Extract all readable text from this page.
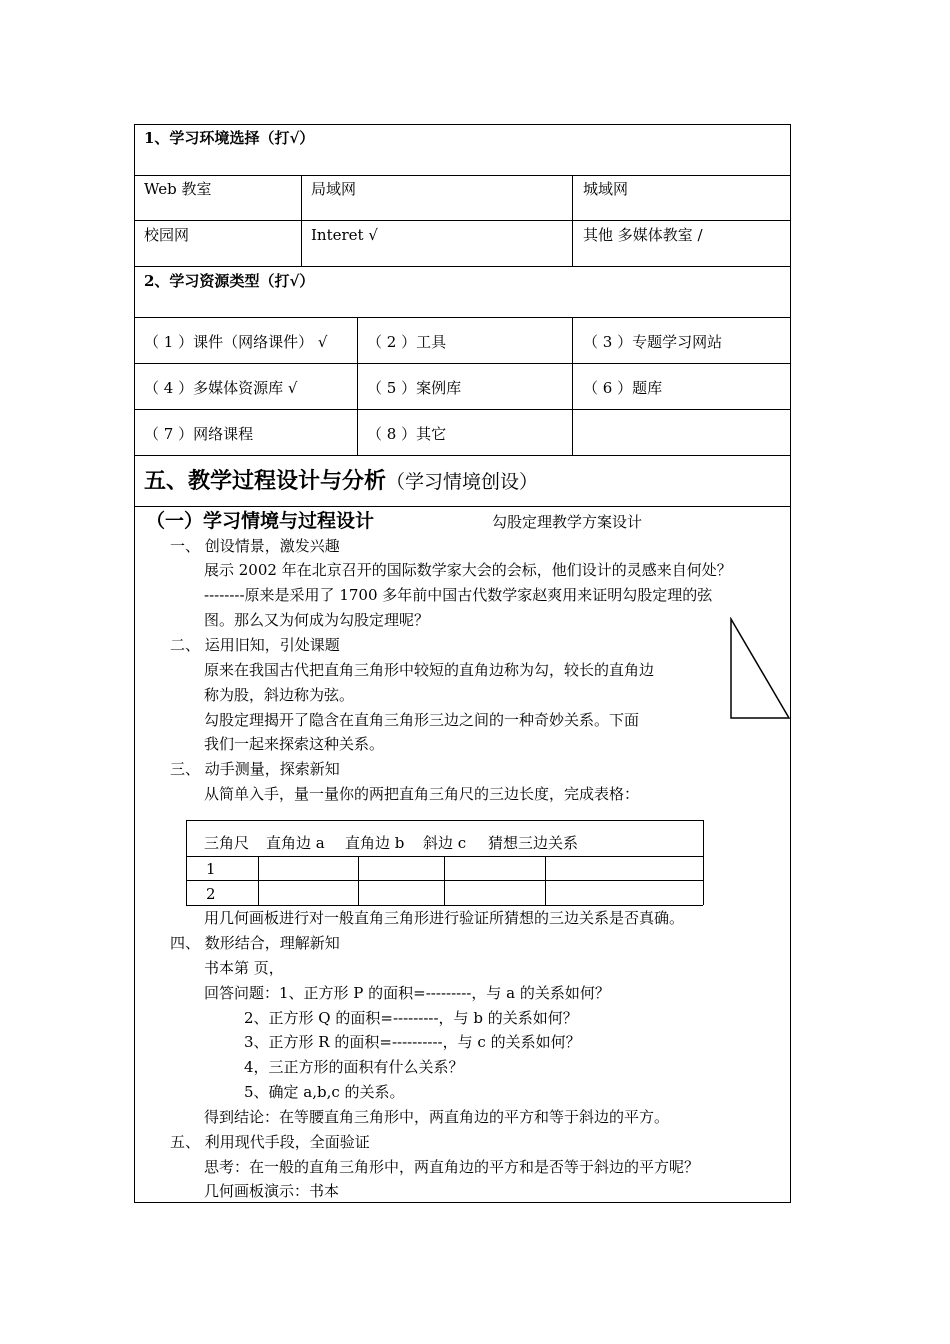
1、学习环境选择（打√）
Web 教室	局域网	城域网
校园网	Interet √	其他 多媒体教室 /
2、学习资源类型（打√）
（ 1 ）课件（网络课件） √	（ 2 ）工具	（ 3 ）专题学习网站
（ 4 ）多媒体资源库 √	（ 5 ）案例库	（ 6 ）题库
（ 7 ）网络课程	（ 8 ）其它
五、教学过程设计与分析（学习情境创设）
（一）学习情境与过程设计	勾股定理教学方案设计
一、 创设情景，激发兴趣
展示 2002 年在北京召开的国际数学家大会的会标，他们设计的灵感来自何处？
--------原来是采用了 1700 多年前中国古代数学家赵爽用来证明勾股定理的弦
图。那么又为何成为勾股定理呢？
二、 运用旧知，引处课题
原来在我国古代把直角三角形中较短的直角边称为勾，较长的直角边
称为股，斜边称为弦。
勾股定理揭开了隐含在直角三角形三边之间的一种奇妙关系。下面
我们一起来探索这种关系。
三、 动手测量，探索新知
从简单入手，量一量你的两把直角三角尺的三边长度，完成表格：
三角尺 直角边 a 直角边 b 斜边 c 猜想三边关系
1
2
用几何画板进行对一般直角三角形进行验证所猜想的三边关系是否真确。
四、 数形结合，理解新知
书本第 页，
回答问题：1、正方形 P 的面积=---------，与 a 的关系如何？
2、正方形 Q 的面积=---------，与 b 的关系如何？
3、正方形 R 的面积=----------，与 c 的关系如何？
4，三正方形的面积有什么关系？
5、确定 a,b,c 的关系。
得到结论：在等腰直角三角形中，两直角边的平方和等于斜边的平方。
五、 利用现代手段，全面验证
思考：在一般的直角三角形中，两直角边的平方和是否等于斜边的平方呢？
几何画板演示：书本
